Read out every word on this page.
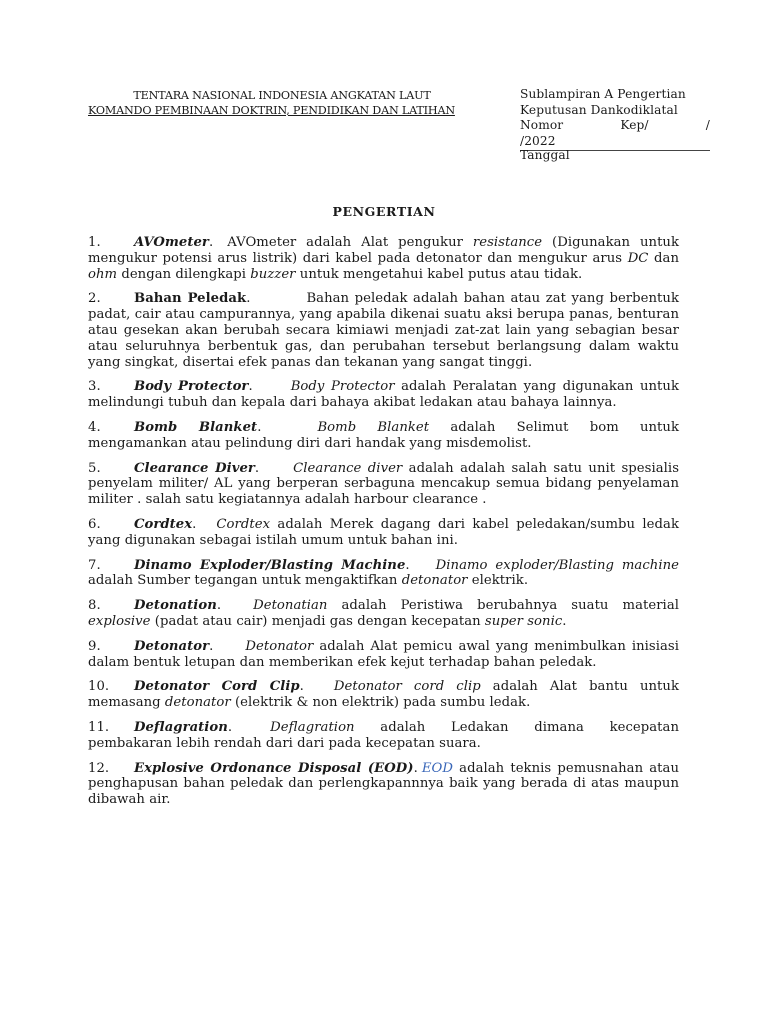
TENTARA NASIONAL INDONESIA ANGKATAN LAUT
KOMANDO PEMBINAAN DOKTRIN, PENDIDIKAN DAN LATIHAN
Sublampiran A Pengertian
Keputusan Dankodiklatal
Nomor	Kep/	/
/2022
Tanggal
PENGERTIAN

1.	AVOmeter. AVOmeter adalah Alat pengukur resistance (Digunakan untuk mengukur potensi arus listrik) dari kabel pada detonator dan mengukur arus DC dan ohm dengan dilengkapi buzzer untuk mengetahui kabel putus atau tidak.

2.	Bahan Peledak.	Bahan peledak adalah bahan atau zat yang berbentuk padat, cair atau campurannya, yang apabila dikenai suatu aksi berupa panas, benturan atau gesekan akan berubah secara kimiawi menjadi zat-zat lain yang sebagian besar atau seluruhnya berbentuk gas, dan perubahan tersebut berlangsung dalam waktu yang singkat, disertai efek panas dan tekanan yang sangat tinggi.

3.	Body Protector.	Body Protector adalah Peralatan yang digunakan untuk melindungi tubuh dan kepala dari bahaya akibat ledakan atau bahaya lainnya.

4.	Bomb Blanket.	Bomb Blanket adalah Selimut bom untuk mengamankan atau pelindung diri dari handak yang misdemolist.

5.	Clearance Diver.	Clearance diver adalah adalah salah satu unit spesialis penyelam militer/ AL yang berperan serbaguna mencakup semua bidang penyelaman militer . salah satu kegiatannya adalah harbour clearance .

6.	Cordtex. Cordtex adalah Merek dagang dari kabel peledakan/sumbu ledak yang digunakan sebagai istilah umum untuk bahan ini.

7.	Dinamo Exploder/Blasting Machine. Dinamo exploder/Blasting machine adalah Sumber tegangan untuk mengaktifkan detonator elektrik.

8.	Detonation. Detonatian adalah Peristiwa berubahnya suatu material explosive (padat atau cair) menjadi gas dengan kecepatan super sonic.

9.	Detonator. Detonator adalah Alat pemicu awal yang menimbulkan inisiasi dalam bentuk letupan dan memberikan efek kejut terhadap bahan peledak.

10. Detonator Cord Clip. Detonator cord clip adalah Alat bantu untuk memasang detonator (elektrik & non elektrik) pada sumbu ledak.

11. Deflagration.	Deflagration adalah Ledakan dimana kecepatan pembakaran lebih rendah dari dari pada kecepatan suara.

12. Explosive Ordonance Disposal (EOD). EOD adalah teknis pemusnahan atau penghapusan bahan peledak dan perlengkapannnya baik yang berada di atas maupun dibawah air.
